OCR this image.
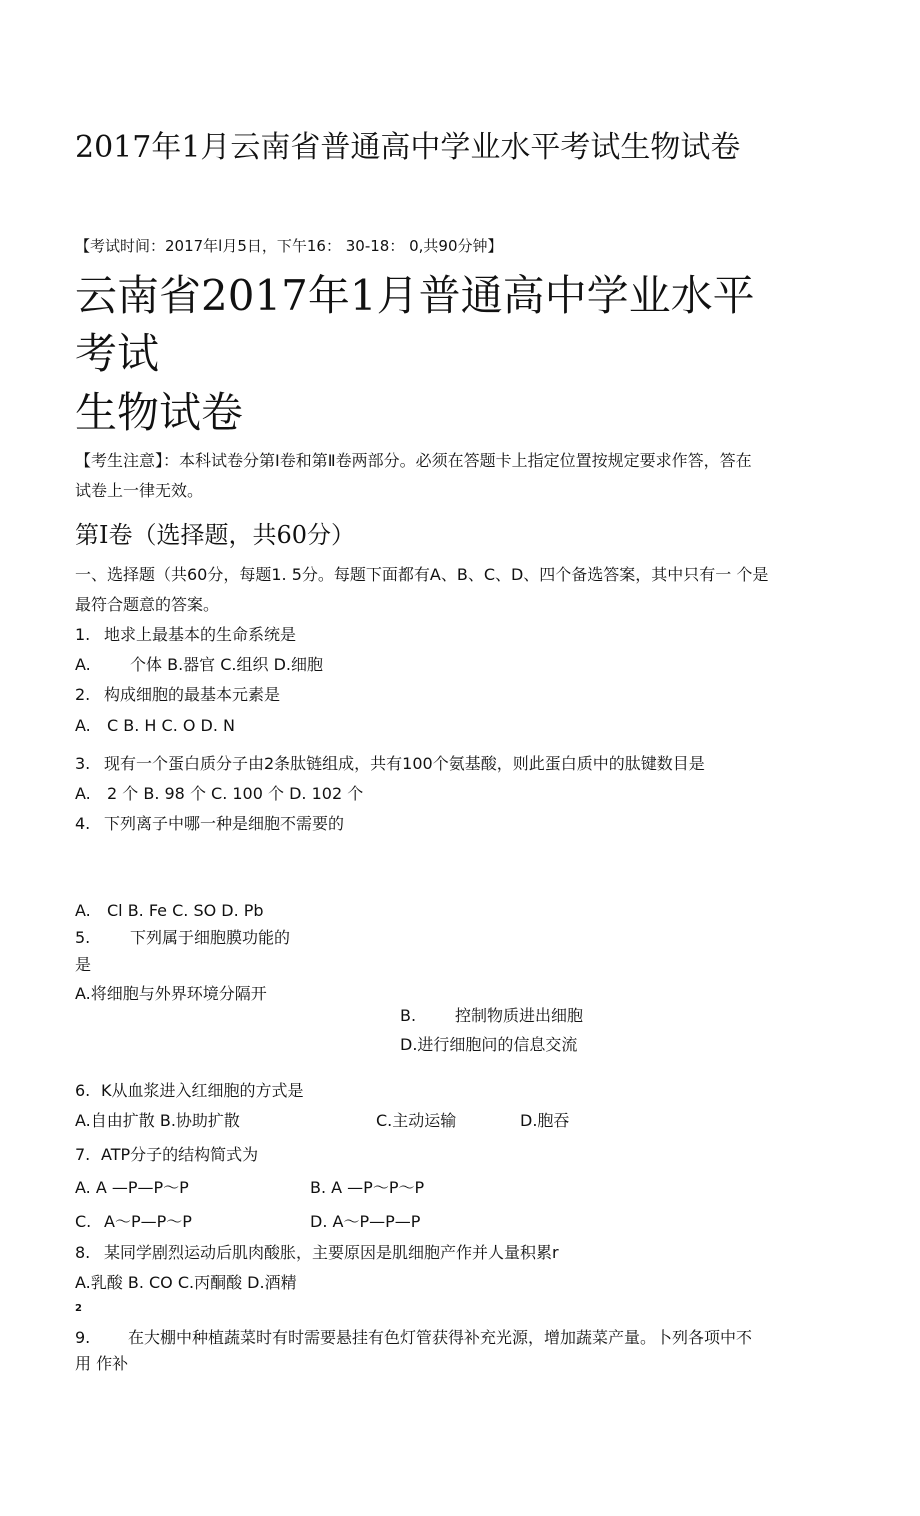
2017年1月云南省普通高中学业水平考试生物试卷
【考试时间：2017年l月5日，下午16： 30-18： 0,共90分钟】
云南省2017年1月普通高中学业水平
考试
生物试卷
【考生注意】：本科试卷分第Ⅰ卷和第Ⅱ卷两部分。必须在答题卡上指定位置按规定要求作答，答在
试卷上一律无效。
第Ⅰ卷（选择题，共60分）
一、选择题（共60分，每题1. 5分。每题下面都有A、B、C、D、四个备选答案，其中只有一 个是
最符合题意的答案。
1. 地求上最基本的生命系统是
A. 个体 B.器官 C.组织 D.细胞
2. 构成细胞的最基本元素是
A. C B. H C. O D. N
3. 现有一个蛋白质分子由2条肽链组成，共有100个氨基酸，则此蛋白质中的肽键数目是
A. 2 个 B. 98 个 C. 100 个 D. 102 个
4. 下列离子中哪一种是细胞不需要的
A. Cl B. Fe C. SO D. Pb
5. 下列属于细胞膜功能的
是
A.将细胞与外界环境分隔开
B. 控制物质进出细胞
D.进行细胞问的信息交流
6. K从血浆进入红细胞的方式是
A.自由扩散 B.协助扩散	C.主动运输	D.胞吞
7. ATP分子的结构简式为
A. A —P—P〜P	B. A —P〜P〜P
C. A〜P—P〜P	D. A〜P—P—P
8. 某同学剧烈运动后肌肉酸胀，主要原因是肌细胞产作并人量积累r
A.乳酸 B. CO C.丙酮酸 D.酒精
2
9. 在大棚中种植蔬菜时有时需要悬挂有色灯管获得补充光源，增加蔬菜产量。卜列各项中不
用 作补
